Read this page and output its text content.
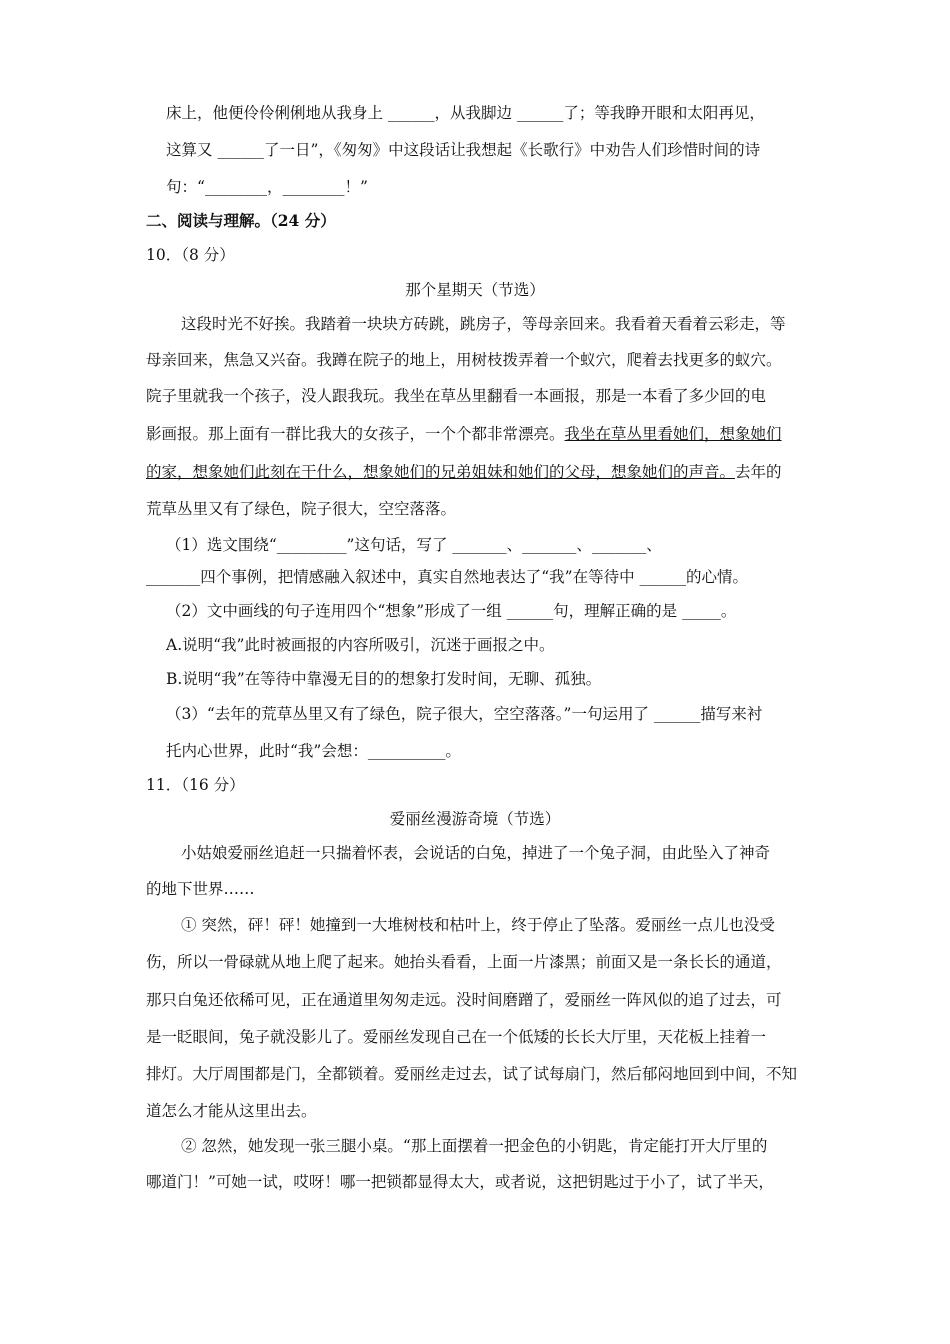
床上，他便伶伶俐俐地从我身上 ______，从我脚边 ______了；等我睁开眼和太阳再见，
这算又 ______了一日”，《匆匆》中这段话让我想起《长歌行》中劝告人们珍惜时间的诗
句：“________，________！”
二、阅读与理解。（24 分）
10．（8 分）
那个星期天（节选）
这段时光不好挨。我踏着一块块方砖跳，跳房子，等母亲回来。我看着天看着云彩走，等
母亲回来，焦急又兴奋。我蹲在院子的地上，用树枝拨弄着一个蚁穴，爬着去找更多的蚁穴。
院子里就我一个孩子，没人跟我玩。我坐在草丛里翻看一本画报，那是一本看了多少回的电
影画报。那上面有一群比我大的女孩子，一个个都非常漂亮。我坐在草丛里看她们，想象她们
的家，想象她们此刻在干什么，想象她们的兄弟姐妹和她们的父母，想象她们的声音。去年的
荒草丛里又有了绿色，院子很大，空空落落。
（1）选文围绕“_________”这句话，写了 _______、_______、_______、
_______四个事例，把情感融入叙述中，真实自然地表达了“我”在等待中 ______的心情。
（2）文中画线的句子连用四个“想象”形成了一组 ______句，理解正确的是 _____。
A.说明“我”此时被画报的内容所吸引，沉迷于画报之中。
B.说明“我”在等待中靠漫无目的的想象打发时间，无聊、孤独。
（3）“去年的荒草丛里又有了绿色，院子很大，空空落落。”一句运用了 ______描写来衬
托内心世界，此时“我”会想：__________。
11．（16 分）
爱丽丝漫游奇境（节选）
小姑娘爱丽丝追赶一只揣着怀表，会说话的白兔，掉进了一个兔子洞，由此坠入了神奇
的地下世界……
① 突然，砰！砰！她撞到一大堆树枝和枯叶上，终于停止了坠落。爱丽丝一点儿也没受
伤，所以一骨碌就从地上爬了起来。她抬头看看，上面一片漆黑；前面又是一条长长的通道，
那只白兔还依稀可见，正在通道里匆匆走远。没时间磨蹭了，爱丽丝一阵风似的追了过去，可
是一眨眼间，兔子就没影儿了。爱丽丝发现自己在一个低矮的长长大厅里，天花板上挂着一
排灯。大厅周围都是门，全都锁着。爱丽丝走过去，试了试每扇门，然后郁闷地回到中间，不知
道怎么才能从这里出去。
② 忽然，她发现一张三腿小桌。“那上面摆着一把金色的小钥匙，肯定能打开大厅里的
哪道门！”可她一试，哎呀！哪一把锁都显得太大，或者说，这把钥匙过于小了，试了半天，
